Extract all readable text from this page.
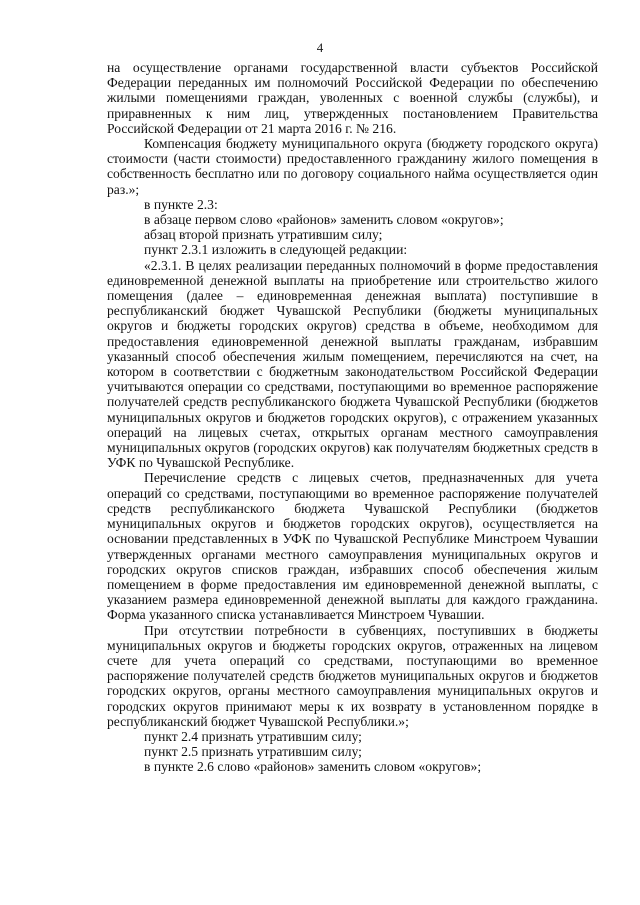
4

на осуществление органами государственной власти субъектов Российской Федерации переданных им полномочий Российской Федерации по обеспечению жилыми помещениями граждан, уволенных с военной службы (службы), и приравненных к ним лиц, утвержденных постановлением Правительства Российской Федерации от 21 марта 2016 г. № 216.

Компенсация бюджету муниципального округа (бюджету городского округа) стоимости (части стоимости) предоставленного гражданину жилого помещения в собственность бесплатно или по договору социального найма осуществляется один раз.»;

в пункте 2.3:

в абзаце первом слово «районов» заменить словом «округов»;

абзац второй признать утратившим силу;

пункт 2.3.1 изложить в следующей редакции:

«2.3.1. В целях реализации переданных полномочий в форме предоставления единовременной денежной выплаты на приобретение или строительство жилого помещения (далее – единовременная денежная выплата) поступившие в республиканский бюджет Чувашской Республики (бюджеты муниципальных округов и бюджеты городских округов) средства в объеме, необходимом для предоставления единовременной денежной выплаты гражданам, избравшим указанный способ обеспечения жилым помещением, перечисляются на счет, на котором в соответствии с бюджетным законодательством Российской Федерации учитываются операции со средствами, поступающими во временное распоряжение получателей средств республиканского бюджета Чувашской Республики (бюджетов муниципальных округов и бюджетов городских округов), с отражением указанных операций на лицевых счетах, открытых органам местного самоуправления муниципальных округов (городских округов) как получателям бюджетных средств в УФК по Чувашской Республике.

Перечисление средств с лицевых счетов, предназначенных для учета операций со средствами, поступающими во временное распоряжение получателей средств республиканского бюджета Чувашской Республики (бюджетов муниципальных округов и бюджетов городских округов), осуществляется на основании представленных в УФК по Чувашской Республике Минстроем Чувашии утвержденных органами местного самоуправления муниципальных округов и городских округов списков граждан, избравших способ обеспечения жилым помещением в форме предоставления им единовременной денежной выплаты, с указанием размера единовременной денежной выплаты для каждого гражданина. Форма указанного списка устанавливается Минстроем Чувашии.

При отсутствии потребности в субвенциях, поступивших в бюджеты муниципальных округов и бюджеты городских округов, отраженных на лицевом счете для учета операций со средствами, поступающими во временное распоряжение получателей средств бюджетов муниципальных округов и бюджетов городских округов, органы местного самоуправления муниципальных округов и городских округов принимают меры к их возврату в установленном порядке в республиканский бюджет Чувашской Республики.»;

пункт 2.4 признать утратившим силу;

пункт 2.5 признать утратившим силу;

в пункте 2.6 слово «районов» заменить словом «округов»;
